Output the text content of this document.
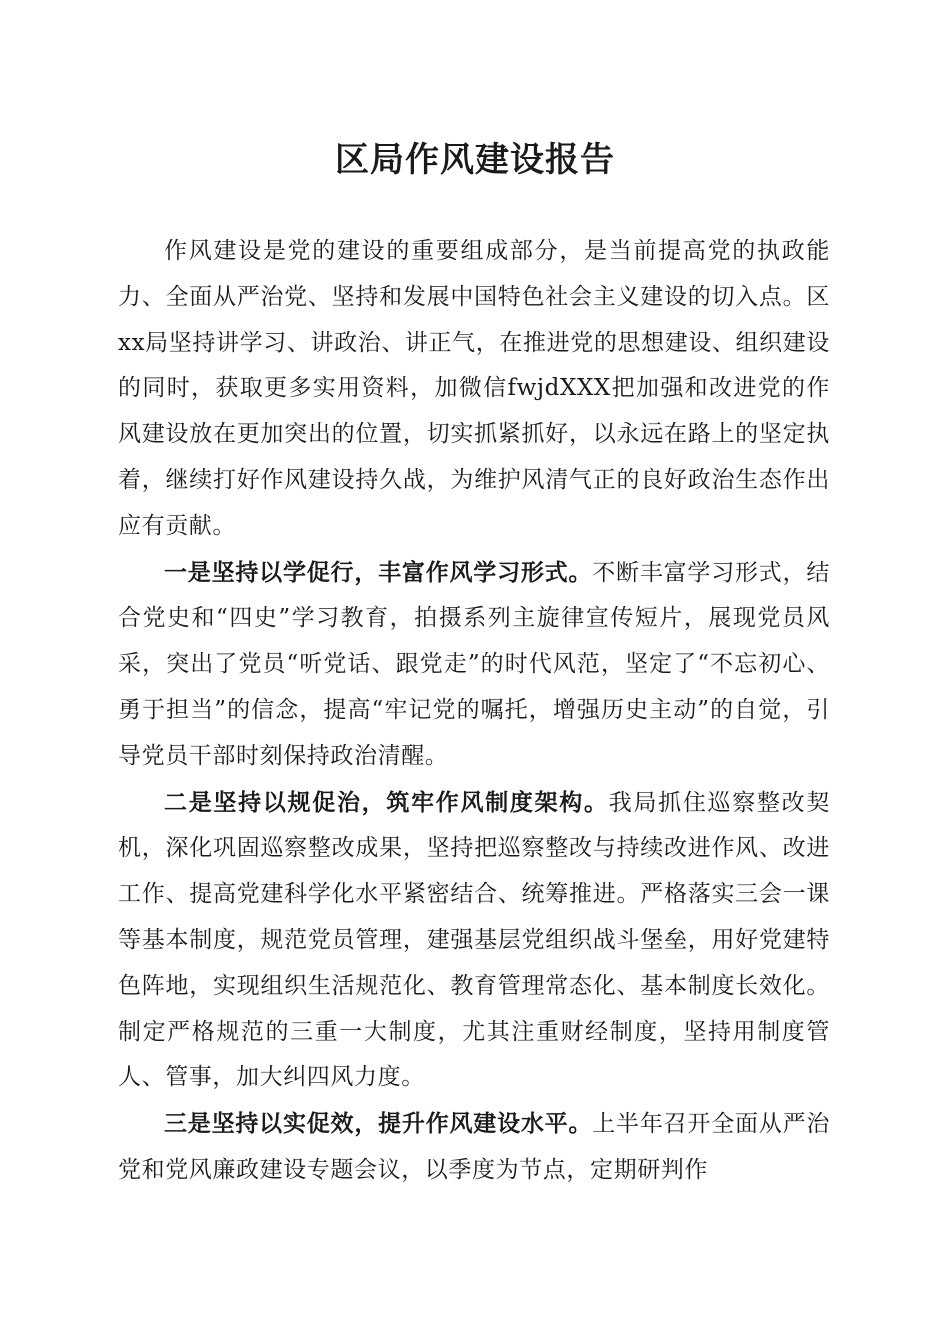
区局作风建设报告

作风建设是党的建设的重要组成部分，是当前提高党的执政能力、全面从严治党、坚持和发展中国特色社会主义建设的切入点。区xx局坚持讲学习、讲政治、讲正气，在推进党的思想建设、组织建设的同时，获取更多实用资料，加微信fwjdXXX把加强和改进党的作风建设放在更加突出的位置，切实抓紧抓好，以永远在路上的坚定执着，继续打好作风建设持久战，为维护风清气正的良好政治生态作出应有贡献。

一是坚持以学促行，丰富作风学习形式。不断丰富学习形式，结合党史和“四史”学习教育，拍摄系列主旋律宣传短片，展现党员风采，突出了党员“听党话、跟党走”的时代风范，坚定了“不忘初心、勇于担当”的信念，提高“牢记党的嘱托，增强历史主动”的自觉，引导党员干部时刻保持政治清醒。

二是坚持以规促治，筑牢作风制度架构。我局抓住巡察整改契机，深化巩固巡察整改成果，坚持把巡察整改与持续改进作风、改进工作、提高党建科学化水平紧密结合、统筹推进。严格落实三会一课等基本制度，规范党员管理，建强基层党组织战斗堡垒，用好党建特色阵地，实现组织生活规范化、教育管理常态化、基本制度长效化。制定严格规范的三重一大制度，尤其注重财经制度，坚持用制度管人、管事，加大纠四风力度。

三是坚持以实促效，提升作风建设水平。上半年召开全面从严治党和党风廉政建设专题会议，以季度为节点，定期研判作
